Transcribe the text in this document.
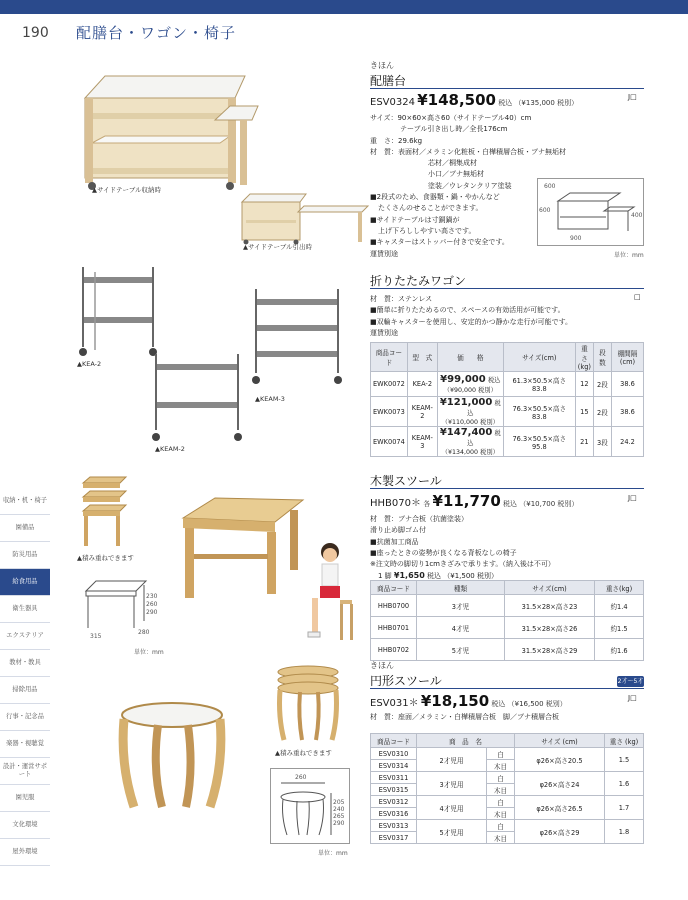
190 配膳台・ワゴン・椅子
収納・机・椅子
園備品
防災用品
給食用品
衛生器具
エクステリア
教材・教具
掃除用品
行事・記念品
楽器・視聴覚
設計・運営サポート
園児服
文化環境
屋外環境
▲サイドテーブル収納時
▲サイドテーブル引出時
きほん
配膳台
ESV0324 ¥148,500 税込 （¥135,000 税別）
J□
サイズ：90×60×高さ60（サイドテーブル40）cm
テーブル引き出し時／全長176cm
重　さ：29.6kg
材　質：表面材／メラミン化粧板・白樺積層合板・ブナ無垢材
芯材／桐集成材
小口／ブナ無垢材
塗装／ウレタンクリア塗装
■2段式のため、食器類・鍋・やかんなど
たくさんのせることができます。
■サイドテーブルは寸銅鍋が
上げ下ろししやすい高さです。
■キャスターはストッパー付きで安全です。
運賃別途
600
600
400
900
単位：mm
▲KEA-2
▲KEAM-3
▲KEAM-2
折りたたみワゴン
□
材　質：ステンレス
■簡単に折りたためるので、スペースの有効活用が可能です。
■双輪キャスターを使用し、安定的かつ静かな走行が可能です。
運賃別途
商品コード	型　式	価　　格	サイズ(cm)	重さ(kg)	段数	棚間隔(cm)
EWK0072	KEA-2	¥99,000 税込
（¥90,000 税別）	61.3×50.5×高さ83.8	12	2段	38.6
EWK0073	KEAM-2	¥121,000 税込
（¥110,000 税別）	76.3×50.5×高さ83.8	15	2段	38.6
EWK0074	KEAM-3	¥147,400 税込
（¥134,000 税別）	76.3×50.5×高さ95.8	21	3段	24.2
▲積み重ねできます
230
260
290
315
280
単位：mm
木製スツール
HHB070＊ 各 ¥11,770 税込 （¥10,700 税別）
J□
材　質：ブナ合板（抗菌塗装）
滑り止め脚ゴム付
■抗菌加工商品
■座ったときの姿勢が良くなる背板なしの椅子
※注文時の脚切り1cmきざみで承ります。（納入後は不可）
1 脚 ¥1,650 税込 （¥1,500 税別）
商品コード	種類	サイズ(cm)	重さ(kg)
HHB0700	3才児	31.5×28×高さ23	約1.4
HHB0701	4才児	31.5×28×高さ26	約1.5
HHB0702	5才児	31.5×28×高さ29	約1.6
▲積み重ねできます
260
205
240
265
290
単位：mm
きほん
円形スツール	2才～5才
ESV031＊ ¥18,150 税込 （¥16,500 税別）
J□
材　質：座面／メラミン・白樺積層合板　脚／ブナ積層合板
商品コード	商　品　名		サイズ (cm)	重さ (kg)
ESV0310	2才児用	白	φ26×高さ20.5	1.5
ESV0314		木目		
ESV0311	3才児用	白	φ26×高さ24	1.6
ESV0315		木目		
ESV0312	4才児用	白	φ26×高さ26.5	1.7
ESV0316		木目		
ESV0313	5才児用	白	φ26×高さ29	1.8
ESV0317		木目		
